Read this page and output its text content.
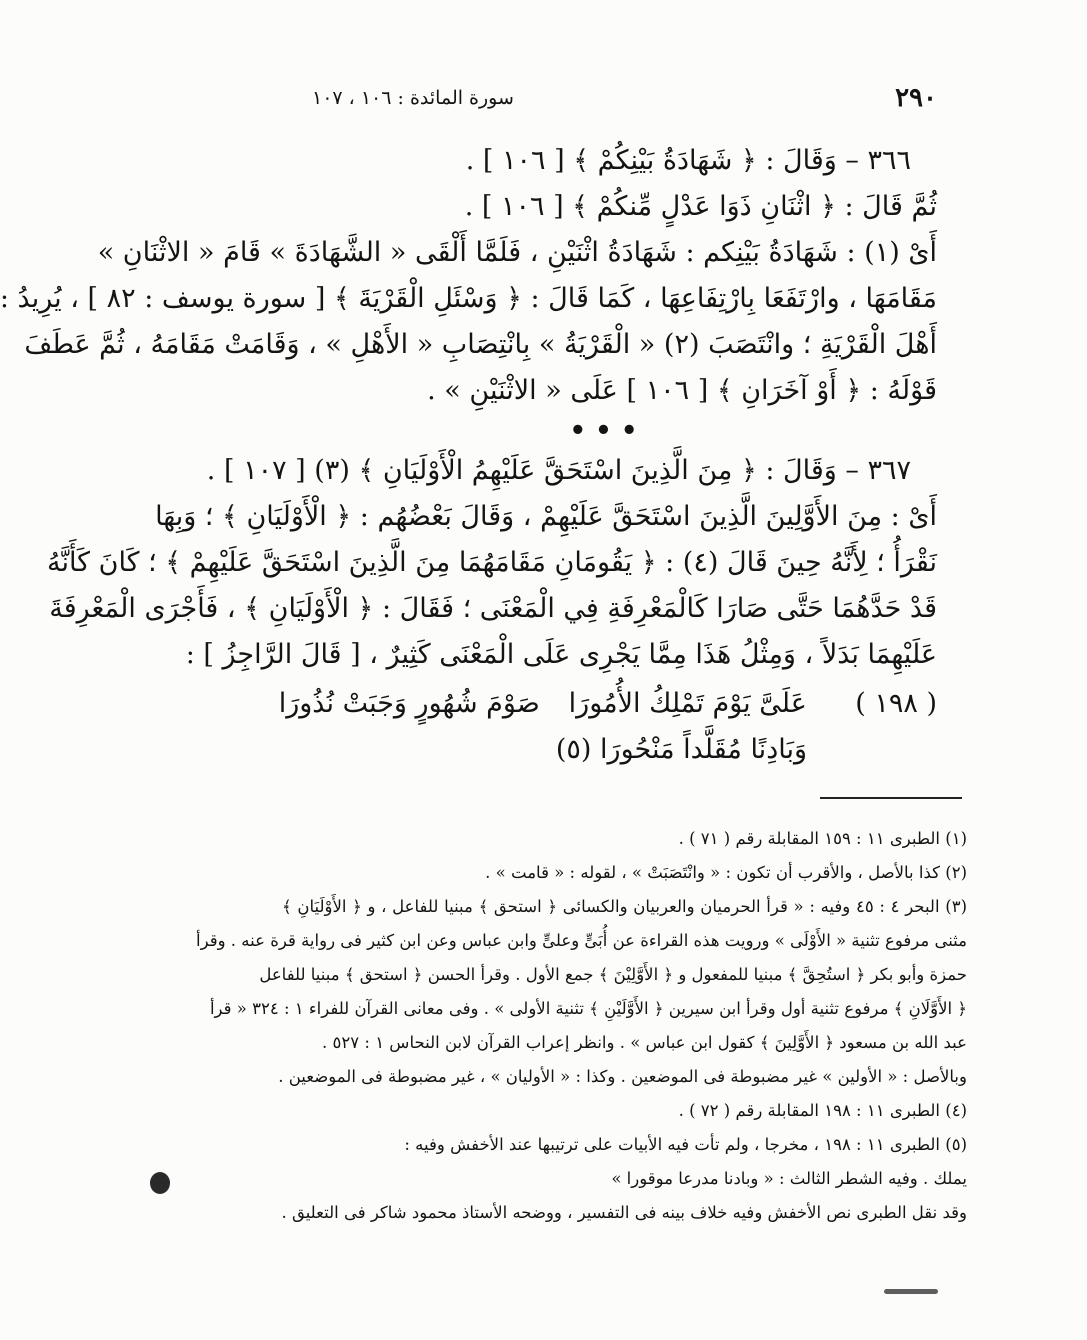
٢٩٠
سورة المائدة : ١٠٦ ، ١٠٧
٣٦٦ – وَقَالَ : ﴿ شَهَادَةُ بَيْنِكُمْ ﴾ [ ١٠٦ ] .
ثُمَّ قَالَ : ﴿ اثْنَانِ ذَوَا عَدْلٍ مِّنكُمْ ﴾ [ ١٠٦ ] .
أَىْ (١) : شَهَادَةُ بَيْنِكم : شَهَادَةُ اثْنَيْنِ ، فَلَمَّا أَلْقَى « الشَّهَادَةَ » قَامَ « الاثْنَانِ »
مَقَامَهَا ، وارْتَفَعَا بِارْتِفَاعِهَا ، كَمَا قَالَ : ﴿ وَسْئَلِ الْقَرْيَةَ ﴾ [ سورة يوسف : ٨٢ ] ، يُرِيدُ :
أَهْلَ الْقَرْيَةِ ؛ وانْتَصَبَ (٢) « الْقَرْيَةُ » بِانْتِصَابِ « الأَهْلِ » ، وَقَامَتْ مَقَامَهُ ، ثُمَّ عَطَفَ
قَوْلَهُ : ﴿ أَوْ آخَرَانِ ﴾ [ ١٠٦ ] عَلَى « الاثْنَيْنِ » .
• • •
٣٦٧ – وَقَالَ : ﴿ مِنَ الَّذِينَ اسْتَحَقَّ عَلَيْهِمُ الْأَوْلَيَانِ ﴾ (٣) [ ١٠٧ ] .
أَىْ : مِنَ الأَوَّلِينَ الَّذِينَ اسْتَحَقَّ عَلَيْهِمْ ، وَقَالَ بَعْضُهُم : ﴿ الْأَوْلَيَانِ ﴾ ؛ وَبِهَا
نَقْرَأُ ؛ لِأَنَّهُ حِينَ قَالَ (٤) : ﴿ يَقُومَانِ مَقَامَهُمَا مِنَ الَّذِينَ اسْتَحَقَّ عَلَيْهِمْ ﴾ ؛ كَانَ كَأَنَّهُ
قَدْ حَدَّهُمَا حَتَّى صَارَا كَالْمَعْرِفَةِ فِي الْمَعْنَى ؛ فَقَالَ : ﴿ الْأَوْلَيَانِ ﴾ ، فَأَجْرَى الْمَعْرِفَةَ
عَلَيْهِمَا بَدَلاً ، وَمِثْلُ هَذَا مِمَّا يَجْرِى عَلَى الْمَعْنَى كَثِيرٌ ، [ قَالَ الرَّاجِزُ ] :
( ١٩٨ )
عَلَىَّ يَوْمَ تَمْلِكُ الأُمُورَا
صَوْمَ شُهُورٍ وَجَبَتْ نُذُورَا
وَبَادِنًا مُقَلَّداً مَنْحُورَا (٥)
(١) الطبرى ١١ : ١٥٩ المقابلة رقم ( ٧١ ) .
(٢) كذا بالأصل ، والأقرب أن تكون : « وانْتَصَبَتْ » ، لقوله : « قامت » .
(٣) البحر ٤ : ٤٥ وفيه : « قرأ الحرميان والعربيان والكسائى ﴿ استحق ﴾ مبنيا للفاعل ، و ﴿ الأَوْلَيَانِ ﴾
مثنى مرفوع تثنية « الأَوْلَى » ورويت هذه القراءة عن أُبَىٍّ وعلىٍّ وابن عباس وعن ابن كثير فى رواية قرة عنه . وقرأ
حمزة وأبو بكر ﴿ استُحِقَّ ﴾ مبنيا للمفعول و ﴿ الأَوَّلِيْنَ ﴾ جمع الأول . وقرأ الحسن ﴿ استحق ﴾ مبنيا للفاعل
﴿ الأَوَّلَانِ ﴾ مرفوع تثنية أول وقرأ ابن سيرين ﴿ الأَوَّلَيْنِ ﴾ تثنية الأولى » . وفى معانى القرآن للفراء ١ : ٣٢٤ « قرأ
عبد الله بن مسعود ﴿ الأَوَّلِينَ ﴾ كقول ابن عباس » . وانظر إعراب القرآن لابن النحاس ١ : ٥٢٧ .
وبالأصل : « الأولين » غير مضبوطة فى الموضعين . وكذا : « الأوليان » ، غير مضبوطة فى الموضعين .
(٤) الطبرى ١١ : ١٩٨ المقابلة رقم ( ٧٢ ) .
(٥) الطبرى ١١ : ١٩٨ ، مخرجا ، ولم تأت فيه الأبيات على ترتيبها عند الأخفش وفيه :
يملك . وفيه الشطر الثالث : « وبادنا مدرعا موقورا »
وقد نقل الطبرى نص الأخفش وفيه خلاف بينه فى التفسير ، ووضحه الأستاذ محمود شاكر فى التعليق .
